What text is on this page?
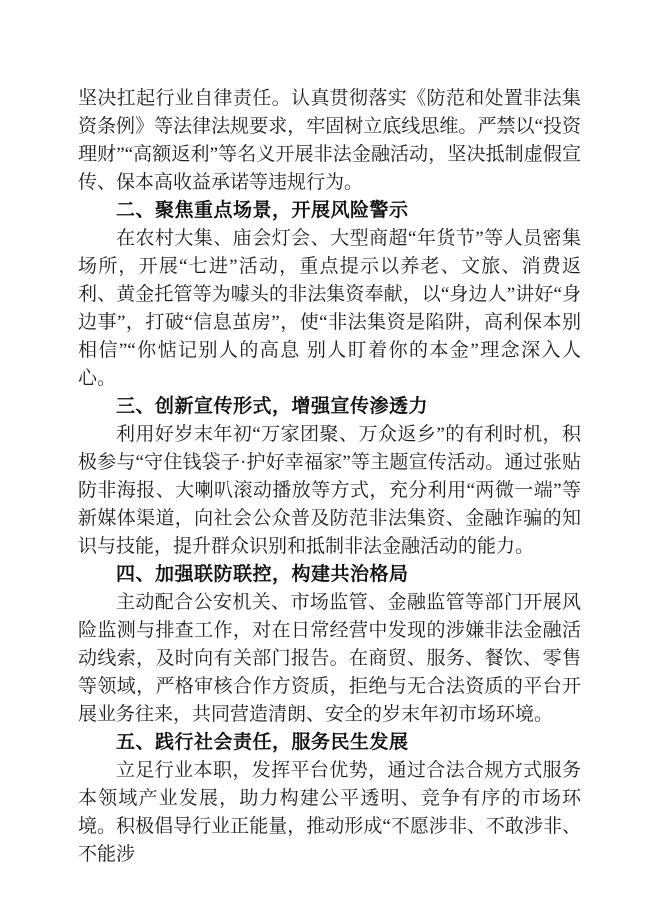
坚决扛起行业自律责任。认真贯彻落实《防范和处置非法集资条例》等法律法规要求，牢固树立底线思维。严禁以“投资理财”“高额返利”等名义开展非法金融活动，坚决抵制虚假宣传、保本高收益承诺等违规行为。

二、聚焦重点场景，开展风险警示

在农村大集、庙会灯会、大型商超“年货节”等人员密集场所，开展“七进”活动，重点提示以养老、文旅、消费返利、黄金托管等为噱头的非法集资奉献，以“身边人”讲好“身边事”，打破“信息茧房”，使“非法集资是陷阱，高利保本别相信”“你惦记别人的高息 别人盯着你的本金”理念深入人心。

三、创新宣传形式，增强宣传渗透力

利用好岁末年初“万家团聚、万众返乡”的有利时机，积极参与“守住钱袋子·护好幸福家”等主题宣传活动。通过张贴防非海报、大喇叭滚动播放等方式，充分利用“两微一端”等新媒体渠道，向社会公众普及防范非法集资、金融诈骗的知识与技能，提升群众识别和抵制非法金融活动的能力。

四、加强联防联控，构建共治格局

主动配合公安机关、市场监管、金融监管等部门开展风险监测与排查工作，对在日常经营中发现的涉嫌非法金融活动线索，及时向有关部门报告。在商贸、服务、餐饮、零售等领域，严格审核合作方资质，拒绝与无合法资质的平台开展业务往来，共同营造清朗、安全的岁末年初市场环境。

五、践行社会责任，服务民生发展

立足行业本职，发挥平台优势，通过合法合规方式服务本领域产业发展，助力构建公平透明、竞争有序的市场环境。积极倡导行业正能量，推动形成“不愿涉非、不敢涉非、不能涉
